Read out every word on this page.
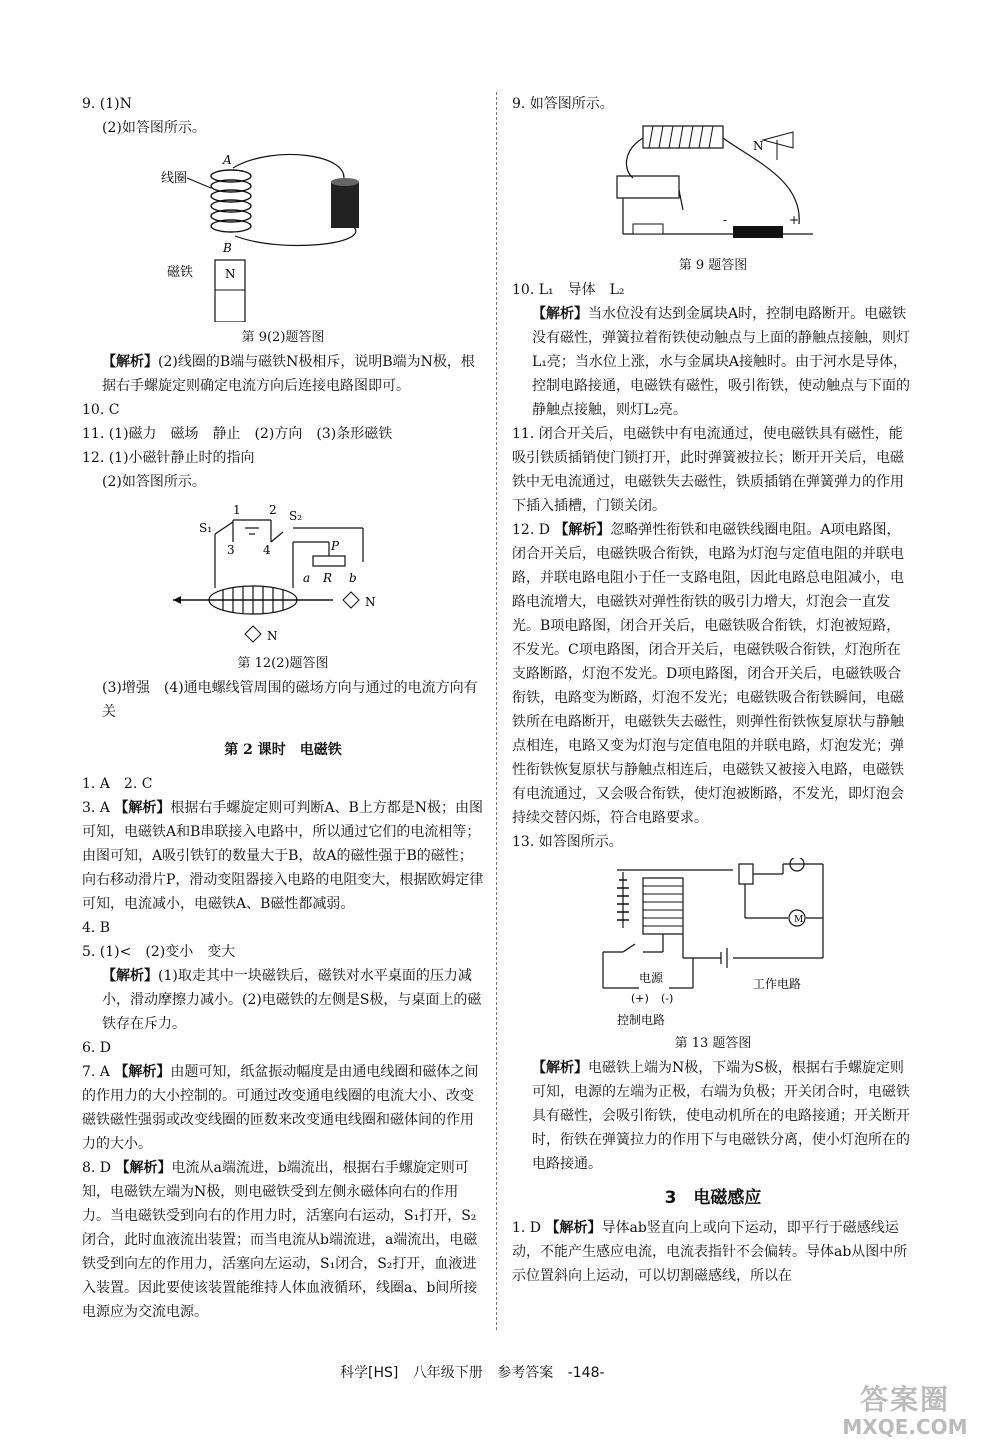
9. (1)N

(2)如答图所示。

线圈
A
B
磁铁	N

第 9(2)题答图

【解析】(2)线圈的B端与磁铁N极相斥，说明B端为N极，根据右手螺旋定则确定电流方向后连接电路图即可。

10. C

11. (1)磁力　磁场　静止　(2)方向　(3)条形磁铁

12. (1)小磁针静止时的指向

(2)如答图所示。

1 2
3 4
S₁
S₂
P
R
a	b
N
N

第 12(2)题答图

(3)增强　(4)通电螺线管周围的磁场方向与通过的电流方向有关

第 2 课时　电磁铁

1. A　2. C

3. A 【解析】根据右手螺旋定则可判断A、B上方都是N极；由图可知，电磁铁A和B串联接入电路中，所以通过它们的电流相等；由图可知，A吸引铁钉的数量大于B，故A的磁性强于B的磁性；向右移动滑片P，滑动变阻器接入电路的电阻变大，根据欧姆定律可知，电流减小，电磁铁A、B磁性都减弱。

4. B

5. (1)<　(2)变小　变大

【解析】(1)取走其中一块磁铁后，磁铁对水平桌面的压力减小，滑动摩擦力减小。(2)电磁铁的左侧是S极，与桌面上的磁铁存在斥力。

6. D

7. A 【解析】由题可知，纸盆振动幅度是由通电线圈和磁体之间的作用力的大小控制的。可通过改变通电线圈的电流大小、改变磁铁磁性强弱或改变线圈的匝数来改变通电线圈和磁体间的作用力的大小。

8. D 【解析】电流从a端流进，b端流出，根据右手螺旋定则可知，电磁铁左端为N极，则电磁铁受到左侧永磁体向右的作用力。当电磁铁受到向右的作用力时，活塞向右运动，S₁打开，S₂闭合，此时血液流出装置；而当电流从b端流进，a端流出，电磁铁受到向左的作用力，活塞向左运动，S₁闭合，S₂打开，血液进入装置。因此要使该装置能维持人体血液循环，线圈a、b间所接电源应为交流电源。

9. 如答图所示。

N
-	+

第 9 题答图

10. L₁　导体　L₂

【解析】当水位没有达到金属块A时，控制电路断开。电磁铁没有磁性，弹簧拉着衔铁使动触点与上面的静触点接触，则灯L₁亮；当水位上涨，水与金属块A接触时。由于河水是导体，控制电路接通，电磁铁有磁性，吸引衔铁，使动触点与下面的静触点接触，则灯L₂亮。

11. 闭合开关后，电磁铁中有电流通过，使电磁铁具有磁性，能吸引铁质插销使门锁打开，此时弹簧被拉长；断开开关后，电磁铁中无电流通过，电磁铁失去磁性，铁质插销在弹簧弹力的作用下插入插槽，门锁关闭。

12. D 【解析】忽略弹性衔铁和电磁铁线圈电阻。A项电路图，闭合开关后，电磁铁吸合衔铁，电路为灯泡与定值电阻的并联电路，并联电路电阻小于任一支路电阻，因此电路总电阻减小，电路电流增大，电磁铁对弹性衔铁的吸引力增大，灯泡会一直发光。B项电路图，闭合开关后，电磁铁吸合衔铁，灯泡被短路，不发光。C项电路图，闭合开关后，电磁铁吸合衔铁，灯泡所在支路断路，灯泡不发光。D项电路图，闭合开关后，电磁铁吸合衔铁，电路变为断路，灯泡不发光；电磁铁吸合衔铁瞬间，电磁铁所在电路断开，电磁铁失去磁性，则弹性衔铁恢复原状与静触点相连，电路又变为灯泡与定值电阻的并联电路，灯泡发光；弹性衔铁恢复原状与静触点相连后，电磁铁又被接入电路，电磁铁有电流通过，又会吸合衔铁，使灯泡被断路，不发光，即灯泡会持续交替闪烁，符合电路要求。

13. 如答图所示。

M
电源
(+) (-)
工作电路
控制电路

第 13 题答图

【解析】电磁铁上端为N极，下端为S极，根据右手螺旋定则可知，电源的左端为正极，右端为负极；开关闭合时，电磁铁具有磁性，会吸引衔铁，使电动机所在的电路接通；开关断开时，衔铁在弹簧拉力的作用下与电磁铁分离，使小灯泡所在的电路接通。

3　 电磁感应

1. D 【解析】导体ab竖直向上或向下运动，即平行于磁感线运动，不能产生感应电流，电流表指针不会偏转。导体ab从图中所示位置斜向上运动，可以切割磁感线，所以在

科学[HS] 八年级下册 参考答案 -148-
答案圈
MXQE.COM
